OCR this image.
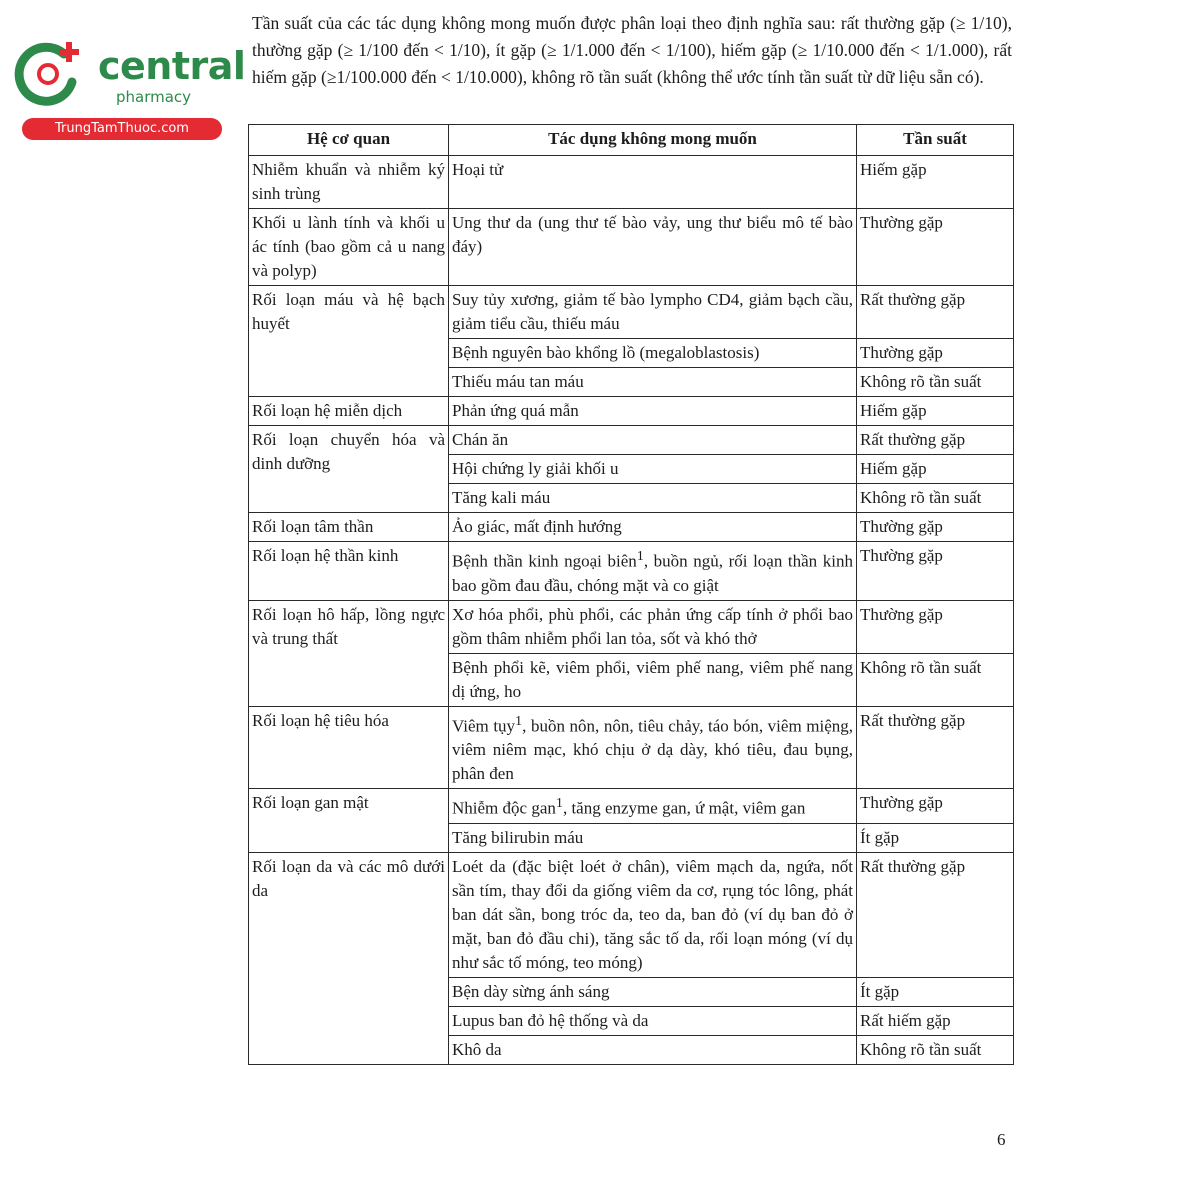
central
pharmacy
TrungTamThuoc.com

Tần suất của các tác dụng không mong muốn được phân loại theo định nghĩa sau: rất thường gặp (≥ 1/10), thường gặp (≥ 1/100 đến < 1/10), ít gặp (≥ 1/1.000 đến < 1/100), hiếm gặp (≥ 1/10.000 đến < 1/1.000), rất hiếm gặp (≥1/100.000 đến < 1/10.000), không rõ tần suất (không thể ước tính tần suất từ dữ liệu sẵn có).

Hệ cơ quan	Tác dụng không mong muốn	Tần suất
Nhiễm khuẩn và nhiễm ký sinh trùng	Hoại tử	Hiếm gặp
Khối u lành tính và khối u ác tính (bao gồm cả u nang và polyp)	Ung thư da (ung thư tế bào vảy, ung thư biểu mô tế bào đáy)	Thường gặp
Rối loạn máu và hệ bạch huyết	Suy tủy xương, giảm tế bào lympho CD4, giảm bạch cầu, giảm tiểu cầu, thiếu máu	Rất thường gặp
	Bệnh nguyên bào khổng lồ (megaloblastosis)	Thường gặp
	Thiếu máu tan máu	Không rõ tần suất
Rối loạn hệ miễn dịch	Phản ứng quá mẫn	Hiếm gặp
Rối loạn chuyển hóa và dinh dưỡng	Chán ăn	Rất thường gặp
	Hội chứng ly giải khối u	Hiếm gặp
	Tăng kali máu	Không rõ tần suất
Rối loạn tâm thần	Ảo giác, mất định hướng	Thường gặp
Rối loạn hệ thần kinh	Bệnh thần kinh ngoại biên$^1$, buồn ngủ, rối loạn thần kinh bao gồm đau đầu, chóng mặt và co giật	Thường gặp
Rối loạn hô hấp, lồng ngực và trung thất	Xơ hóa phổi, phù phổi, các phản ứng cấp tính ở phổi bao gồm thâm nhiễm phổi lan tỏa, sốt và khó thở	Thường gặp
	Bệnh phổi kẽ, viêm phổi, viêm phế nang, viêm phế nang dị ứng, ho	Không rõ tần suất
Rối loạn hệ tiêu hóa	Viêm tụy$^1$, buồn nôn, nôn, tiêu chảy, táo bón, viêm miệng, viêm niêm mạc, khó chịu ở dạ dày, khó tiêu, đau bụng, phân đen	Rất thường gặp
Rối loạn gan mật	Nhiễm độc gan$^1$, tăng enzyme gan, ứ mật, viêm gan	Thường gặp
	Tăng bilirubin máu	Ít gặp
Rối loạn da và các mô dưới da	Loét da (đặc biệt loét ở chân), viêm mạch da, ngứa, nốt sần tím, thay đổi da giống viêm da cơ, rụng tóc lông, phát ban dát sần, bong tróc da, teo da, ban đỏ (ví dụ ban đỏ ở mặt, ban đỏ đầu chi), tăng sắc tố da, rối loạn móng (ví dụ như sắc tố móng, teo móng)	Rất thường gặp
	Bện dày sừng ánh sáng	Ít gặp
	Lupus ban đỏ hệ thống và da	Rất hiếm gặp
	Khô da	Không rõ tần suất
6
